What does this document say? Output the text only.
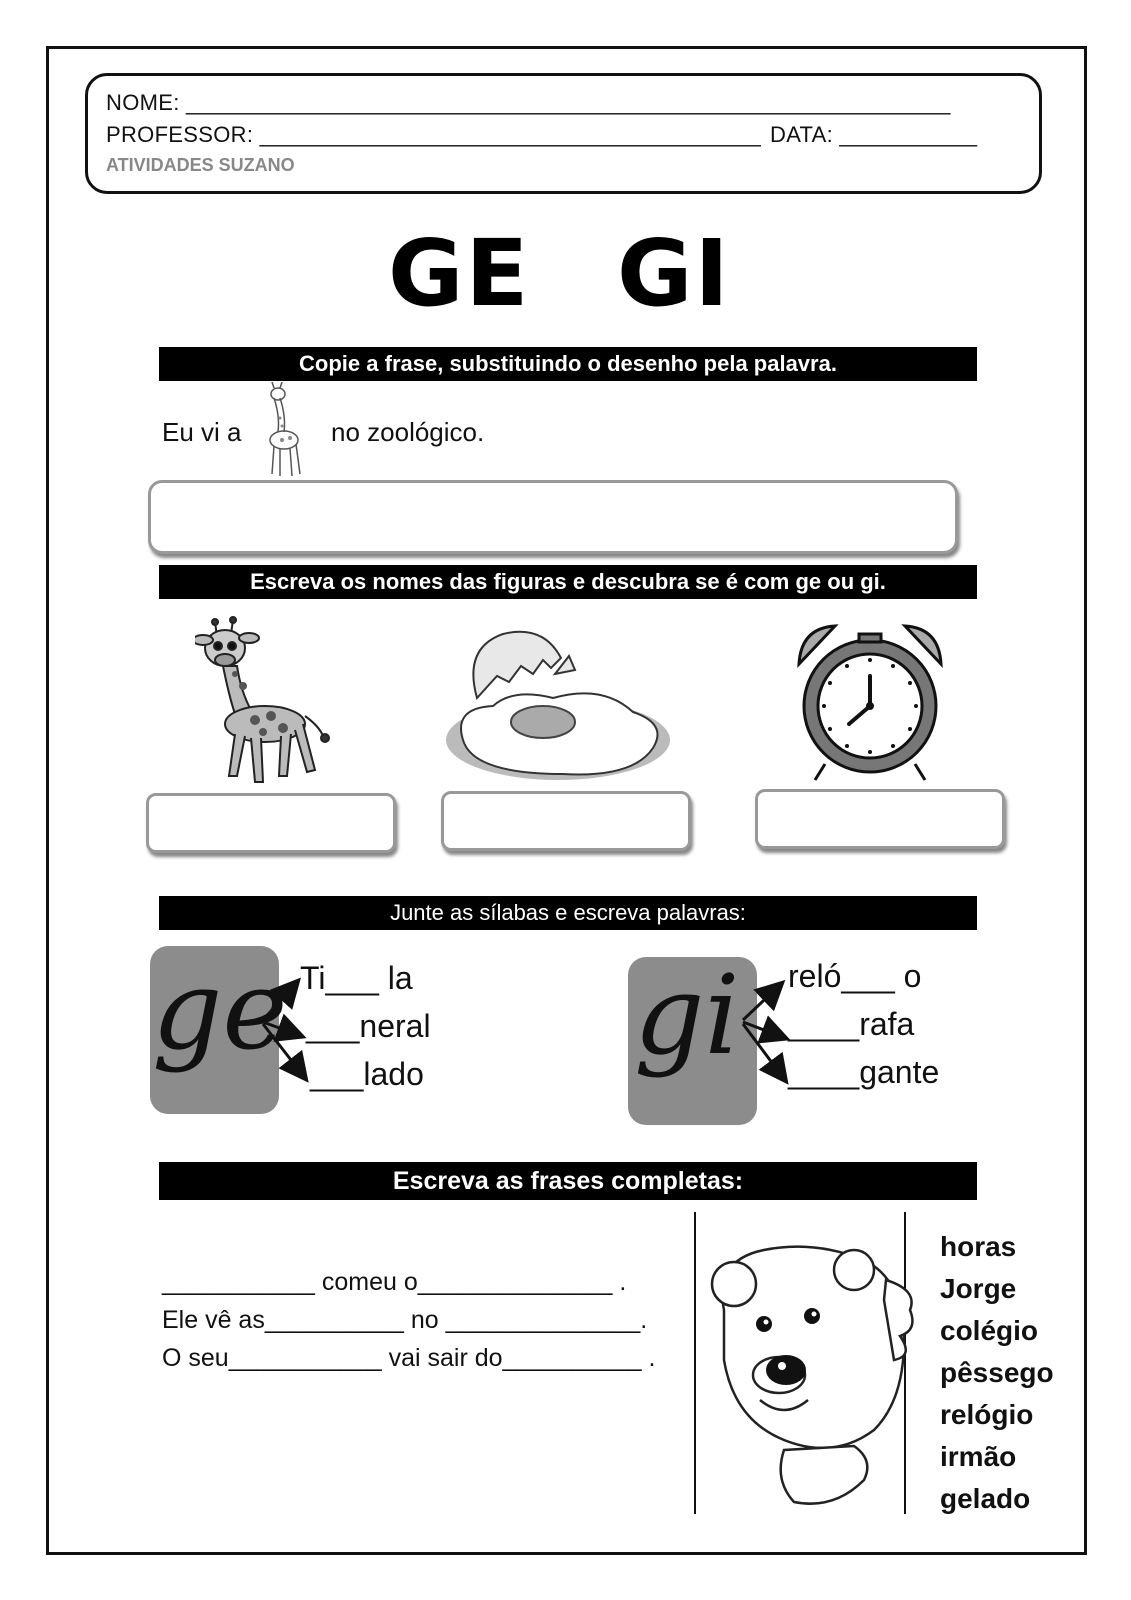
NOME: _____________________________________________________________
PROFESSOR: ________________________________________ DATA: ___________
ATIVIDADES SUZANO
GE GI
Copie a frase, substituindo o desenho pela palavra.
Eu vi a	no zoológico.
Escreva os nomes das figuras e descubra se é com ge ou gi.
Junte as sílabas e escreva palavras:
ge Ti___ la
___neral
___lado gi reló___ o
____rafa
____gante
Escreva as frases completas:
___________ comeu o______________ .
Ele vê as__________ no ______________.
O seu___________ vai sair do__________ .
horas
Jorge
colégio
pêssego
relógio
irmão
gelado
